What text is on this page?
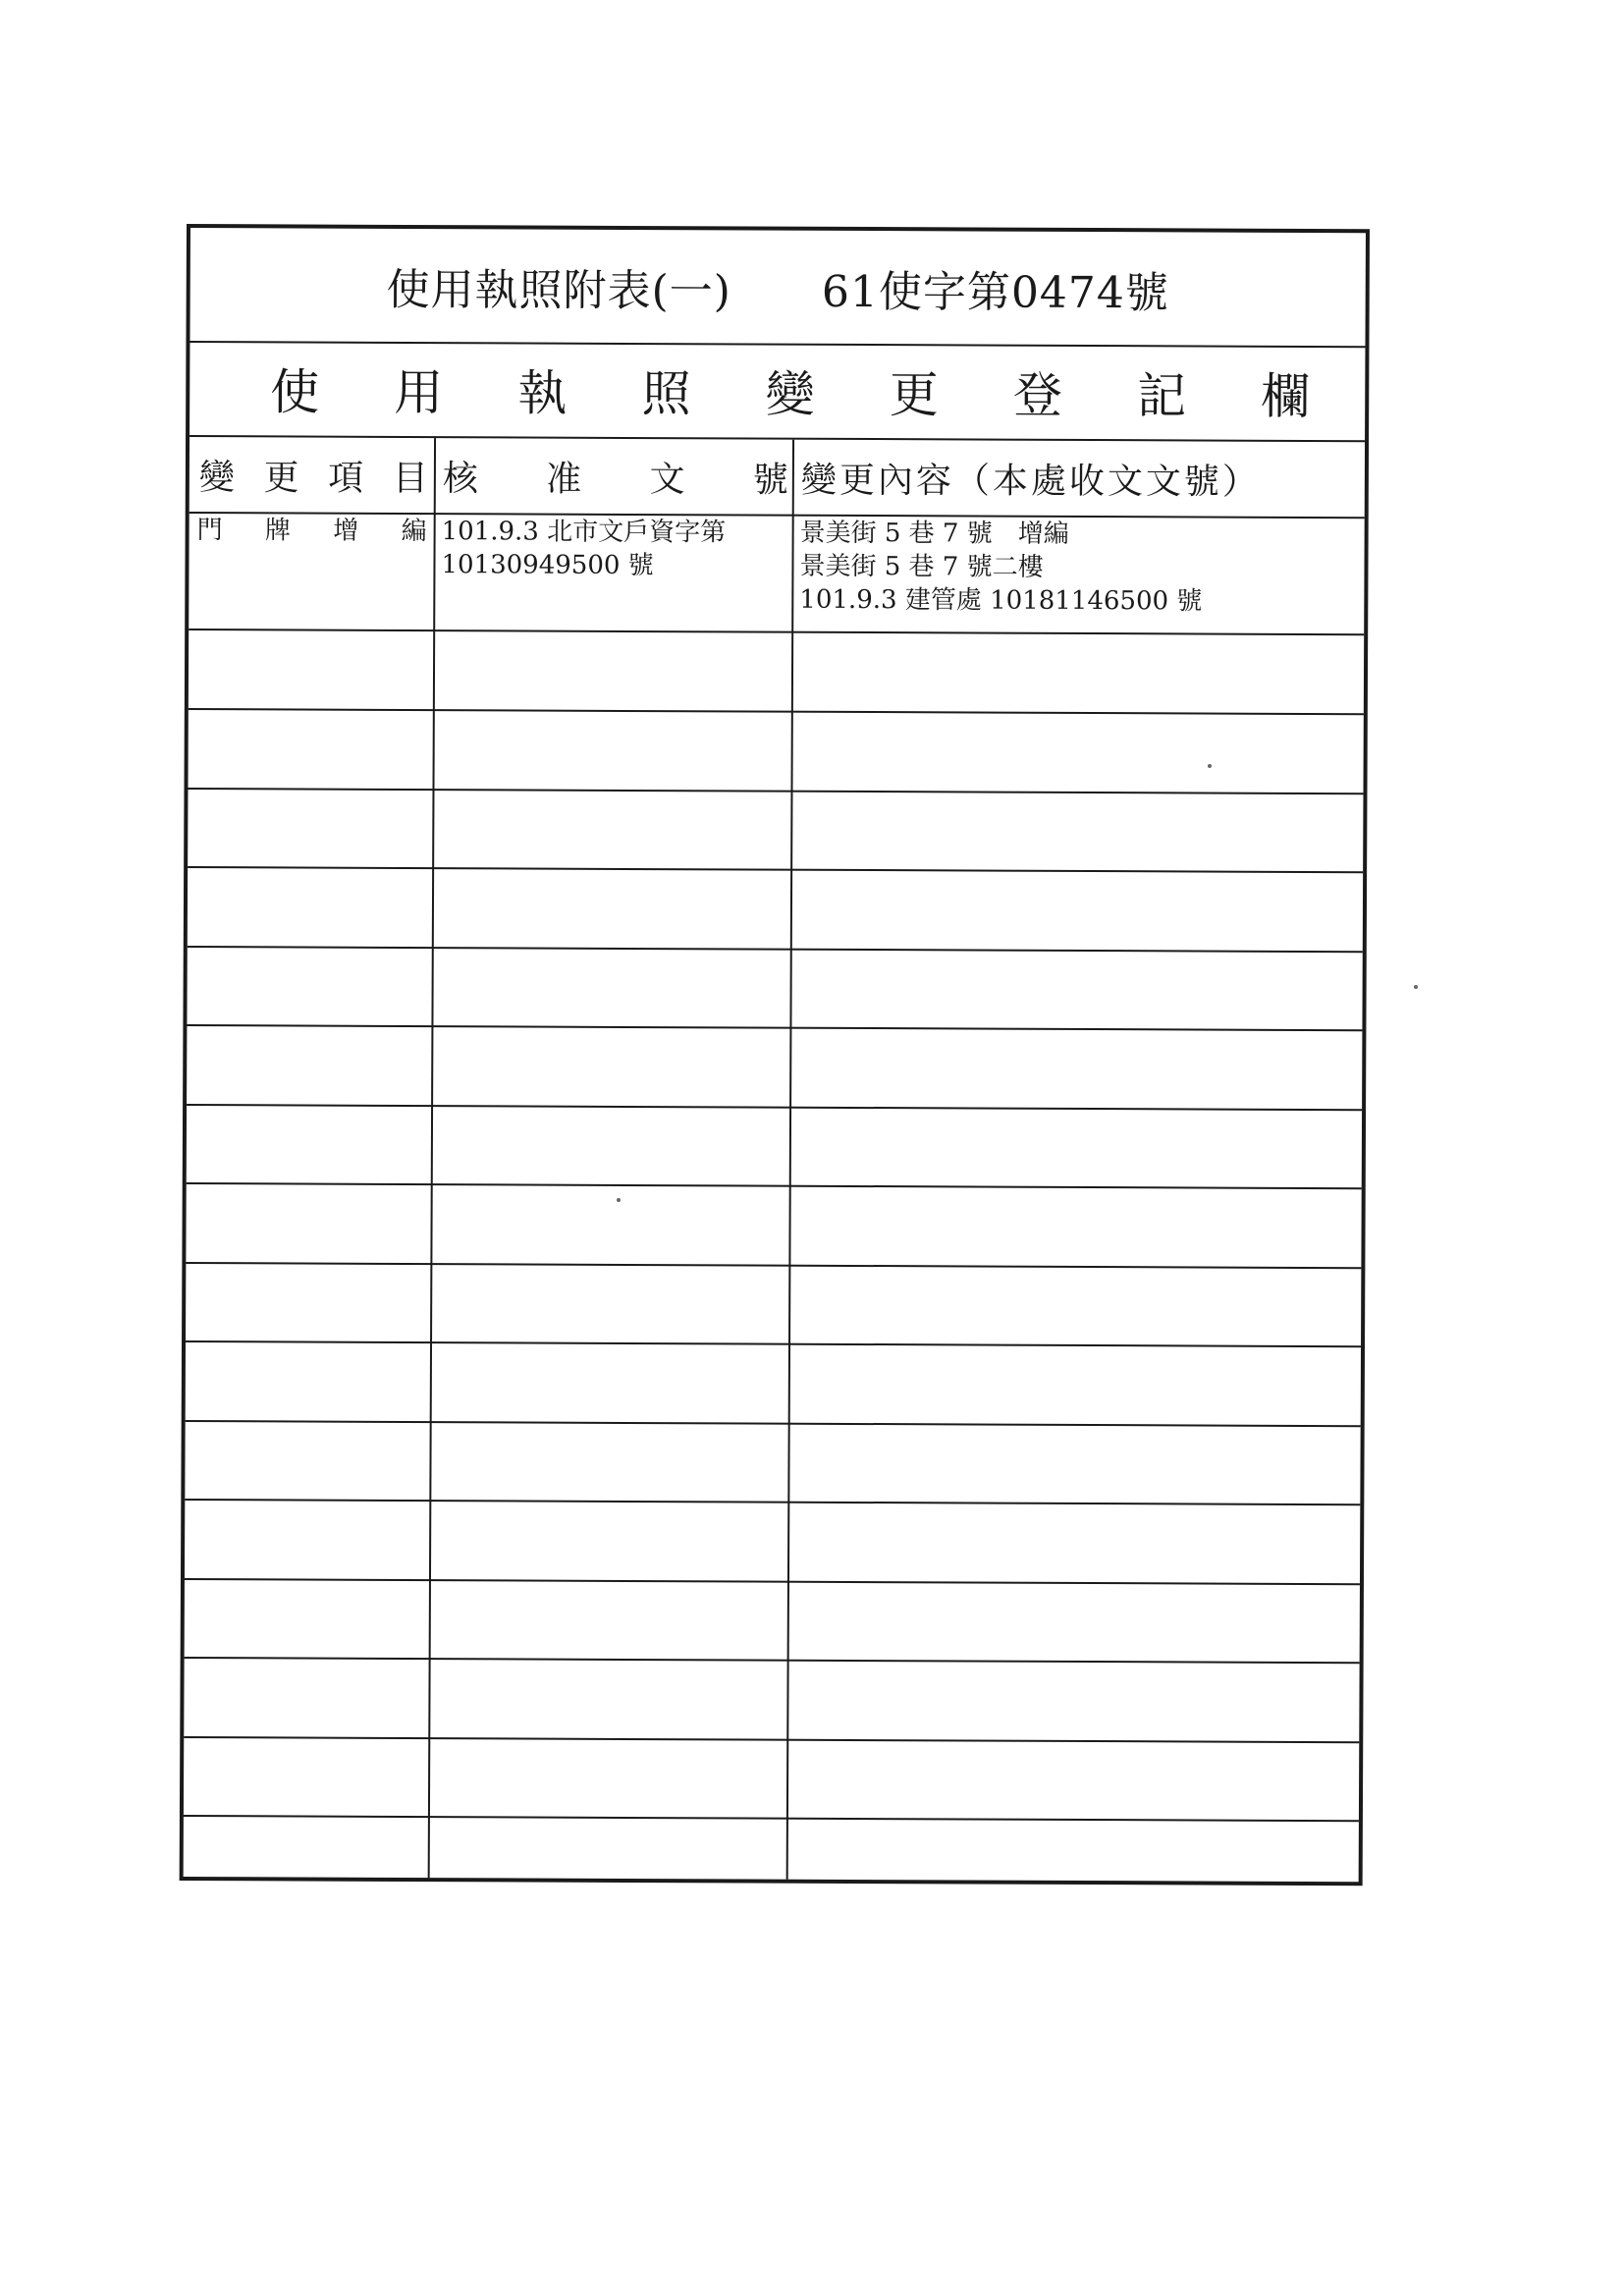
使用執照附表(一) 61使字第0474號
使 用 執 照 變 更 登 記 欄
變 更 項 目 核 准 文 號 變更內容（本處收文文號）
門 牌 增 編 101.9.3 北市文戶資字第
10130949500 號
景美街 5 巷 7 號　增編
景美街 5 巷 7 號二樓
101.9.3 建管處 10181146500 號
